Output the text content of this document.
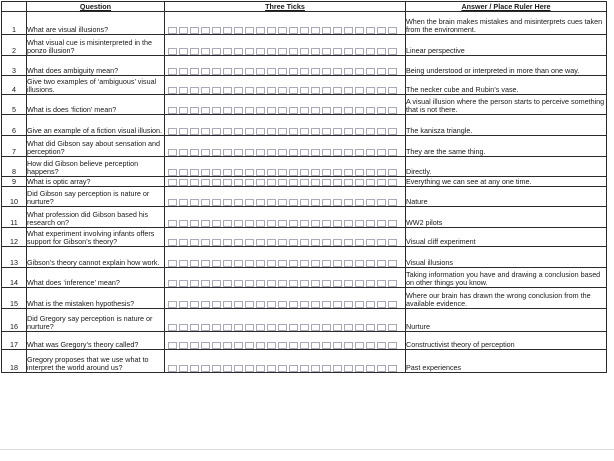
	Question	Three Ticks	Answer / Place Ruler Here
1	What are visual illusions?		When the brain makes mistakes and misinterprets cues taken from the environment.
2	What visual cue is misinterpreted in the ponzo illusion?		Linear perspective
3	What does ambiguity mean?		Being understood or interpreted in more than one way.
4	Give two examples of ‘ambiguous’ visual illusions.		The necker cube and Rubin’s vase.
5	What is does ‘fiction’ mean?		A visual illusion where the person starts to perceive something that is not there.
6	Give an example of a fiction visual illusion.		The kanisza triangle.
7	What did Gibson say about sensation and perception?		They are the same thing.
8	How did Gibson believe perception happens?		Directly.
9	What is optic array?		Everything we can see at any one time.
10	Did Gibson say perception is nature or nurture?		Nature
11	What profession did Gibson based his research on?		WW2 pilots
12	What experiment involving infants offers support for Gibson’s theory?		Visual cliff experiment
13	Gibson’s theory cannot explain how work.		Visual illusions
14	What does ‘inference’ mean?		Taking information you have and drawing a conclusion based on other things you know.
15	What is the mistaken hypothesis?		Where our brain has drawn the wrong conclusion from the available evidence.
16	Did Gregory say perception is nature or nurture?		Nurture
17	What was Gregory’s theory called?		Constructivist theory of perception
18	Gregory proposes that we use what to interpret the world around us?		Past experiences
